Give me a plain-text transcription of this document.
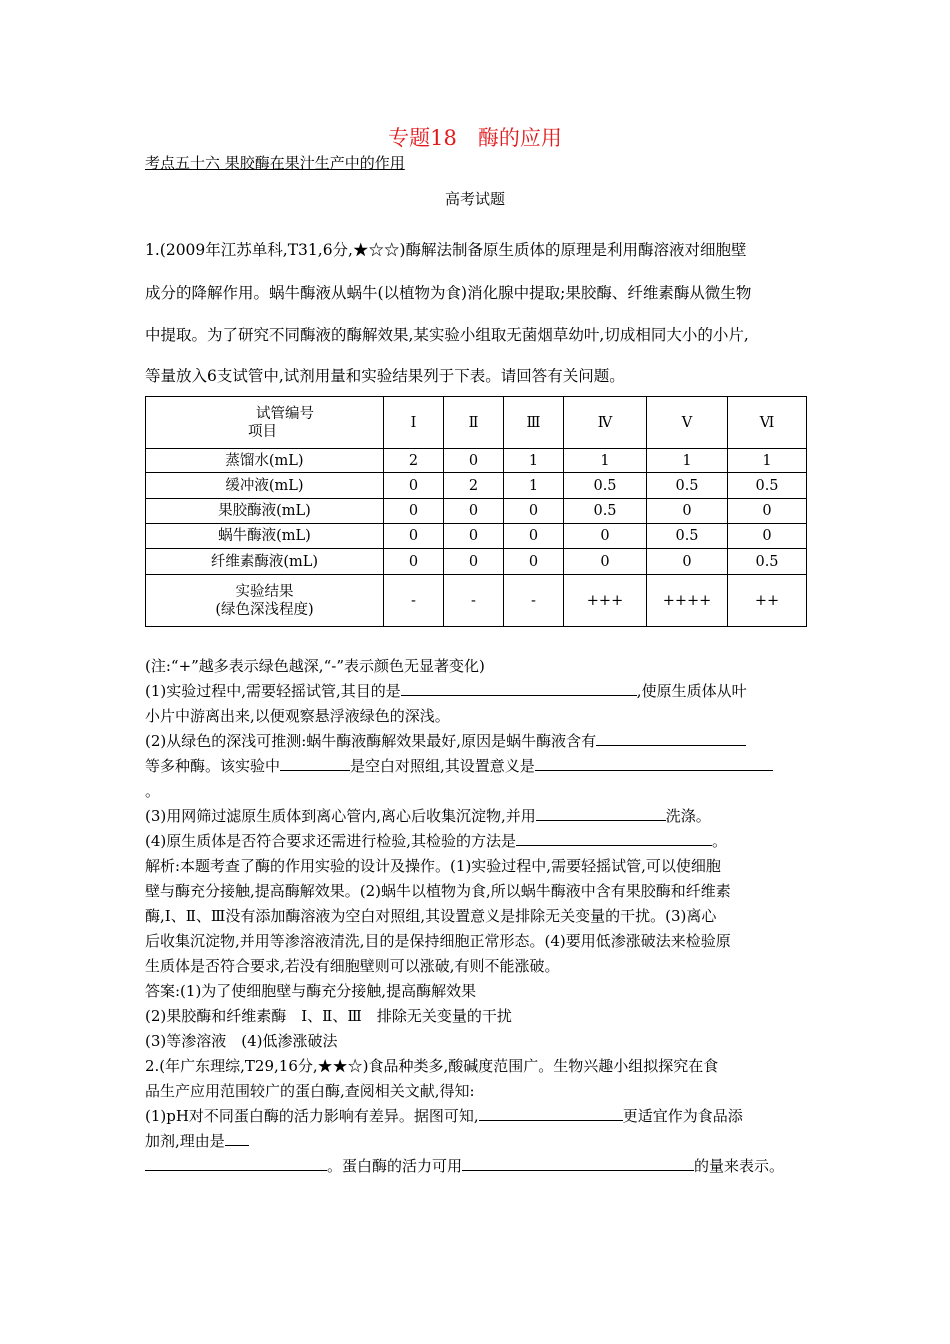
专题18　酶的应用
考点五十六 果胶酶在果汁生产中的作用
高考试题
1.(2009年江苏单科,T31,6分,★☆☆)酶解法制备原生质体的原理是利用酶溶液对细胞壁
成分的降解作用。蜗牛酶液从蜗牛(以植物为食)消化腺中提取;果胶酶、纤维素酶从微生物
中提取。为了研究不同酶液的酶解效果,某实验小组取无菌烟草幼叶,切成相同大小的小片,
等量放入6支试管中,试剂用量和实验结果列于下表。请回答有关问题。
试管编号
项目	Ⅰ	Ⅱ	Ⅲ	Ⅳ	Ⅴ	Ⅵ
蒸馏水(mL)	2	0	1	1	1	1
缓冲液(mL)	0	2	1	0.5	0.5	0.5
果胶酶液(mL)	0	0	0	0.5	0	0
蜗牛酶液(mL)	0	0	0	0	0.5	0
纤维素酶液(mL)	0	0	0	0	0	0.5

实验结果
(绿色深浅程度)	-	-	-	+++	++++	++
(注:“+”越多表示绿色越深,“-”表示颜色无显著变化)
(1)实验过程中,需要轻摇试管,其目的是	,使原生质体从叶
小片中游离出来,以便观察悬浮液绿色的深浅。
(2)从绿色的深浅可推测:蜗牛酶液酶解效果最好,原因是蜗牛酶液含有
等多种酶。该实验中	是空白对照组,其设置意义是
。
(3)用网筛过滤原生质体到离心管内,离心后收集沉淀物,并用	洗涤。
(4)原生质体是否符合要求还需进行检验,其检验的方法是	。
解析:本题考查了酶的作用实验的设计及操作。(1)实验过程中,需要轻摇试管,可以使细胞
壁与酶充分接触,提高酶解效果。(2)蜗牛以植物为食,所以蜗牛酶液中含有果胶酶和纤维素
酶,Ⅰ、Ⅱ、Ⅲ没有添加酶溶液为空白对照组,其设置意义是排除无关变量的干扰。(3)离心
后收集沉淀物,并用等渗溶液清洗,目的是保持细胞正常形态。(4)要用低渗涨破法来检验原
生质体是否符合要求,若没有细胞壁则可以涨破,有则不能涨破。
答案:(1)为了使细胞壁与酶充分接触,提高酶解效果
(2)果胶酶和纤维素酶　Ⅰ、Ⅱ、Ⅲ　排除无关变量的干扰
(3)等渗溶液　(4)低渗涨破法
2.(年广东理综,T29,16分,★★☆)食品种类多,酸碱度范围广。生物兴趣小组拟探究在食
品生产应用范围较广的蛋白酶,查阅相关文献,得知:
(1)pH对不同蛋白酶的活力影响有差异。据图可知,	更适宜作为食品添
加剂,理由是
。蛋白酶的活力可用	的量来表示。
